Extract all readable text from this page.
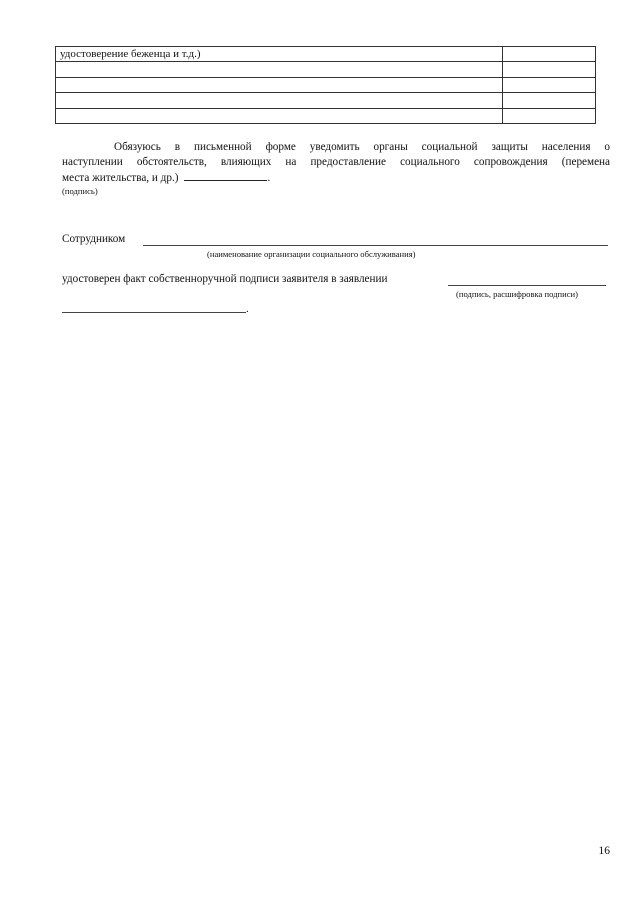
удостоверение беженца и т.д.)	

Обязуюсь в письменной форме уведомить органы социальной защиты населения о
наступлении обстоятельств, влияющих на предоставление социального сопровождения (перемена
места жительства, и др.)	.
(подпись)
Сотрудником
(наименование организации социального обслуживания)
удостоверен факт собственноручной подписи заявителя в заявлении
(подпись, расшифровка подписи)
.
16
